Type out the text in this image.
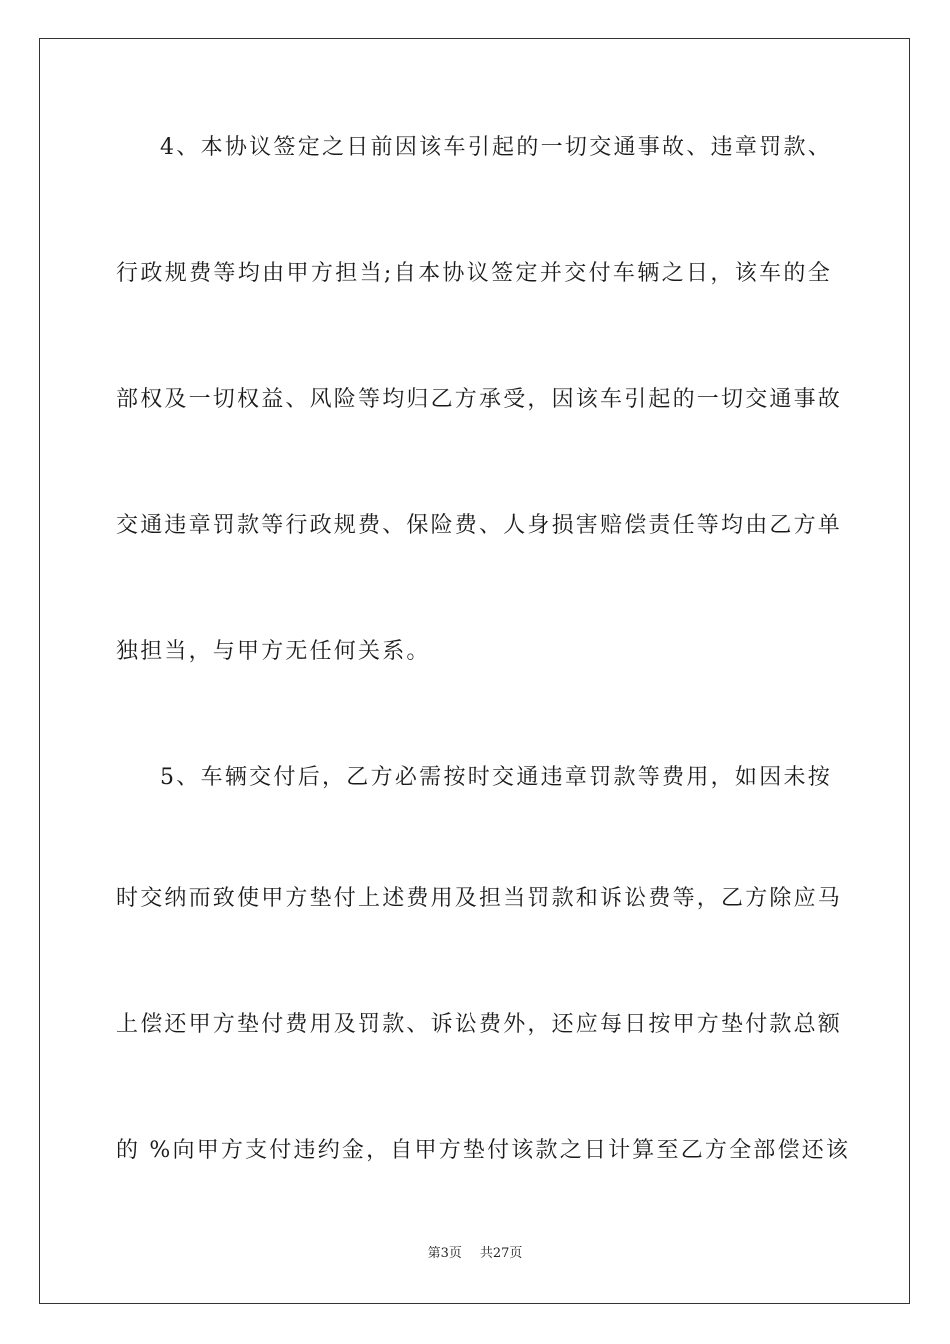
4、本协议签定之日前因该车引起的一切交通事故、违章罚款、
行政规费等均由甲方担当;自本协议签定并交付车辆之日，该车的全
部权及一切权益、风险等均归乙方承受，因该车引起的一切交通事故
交通违章罚款等行政规费、保险费、人身损害赔偿责任等均由乙方单
独担当，与甲方无任何关系。
5、车辆交付后，乙方必需按时交通违章罚款等费用，如因未按
时交纳而致使甲方垫付上述费用及担当罚款和诉讼费等，乙方除应马
上偿还甲方垫付费用及罚款、诉讼费外，还应每日按甲方垫付款总额
的 %向甲方支付违约金，自甲方垫付该款之日计算至乙方全部偿还该
第3页 共27页
